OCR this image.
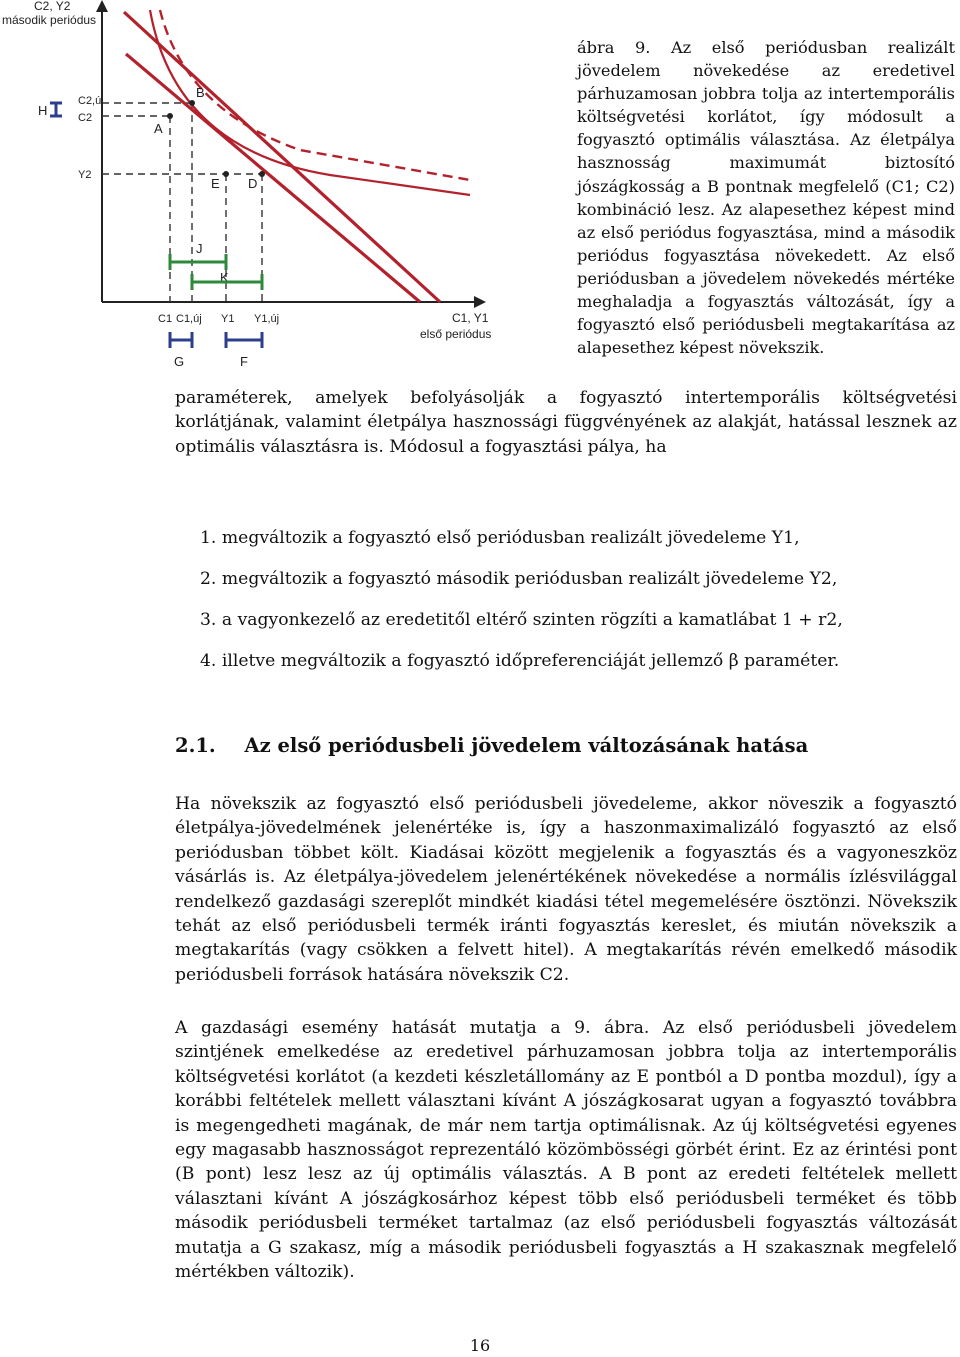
A
B
E D
J
K
G	F
H
C2,új
C2
Y2
C1 C1,új Y1 Y1,új
C2, Y2
második periódus
C1, Y1
első periódus
ábra 9. Az első periódusban realizált jövedelem növekedése az eredetivel párhuzamosan jobbra tolja az intertemporális költségvetési korlátot, így módosult a fogyasztó optimális választása. Az életpálya hasznosság maximumát biztosító jószágkosság a B pontnak megfelelő (C1; C2) kombináció lesz. Az alapesethez képest mind az első periódus fogyasztása, mind a második periódus fogyasztása növekedett. Az első periódusban a jövedelem növekedés mértéke meghaladja a fogyasztás változását, így a fogyasztó első periódusbeli megtakarítása az alapesethez képest növekszik.
paraméterek, amelyek befolyásolják a fogyasztó intertemporális költségvetési korlátjának, valamint életpálya hasznossági függvényének az alakját, hatással lesznek az optimális választásra is. Módosul a fogyasztási pálya, ha
1. megváltozik a fogyasztó első periódusban realizált jövedeleme Y1,
2. megváltozik a fogyasztó második periódusban realizált jövedeleme Y2,
3. a vagyonkezelő az eredetitől eltérő szinten rögzíti a kamatlábat 1 + r2,
4. illetve megváltozik a fogyasztó időpreferenciáját jellemző β paraméter.
2.1. Az első periódusbeli jövedelem változásának hatása
Ha növekszik az fogyasztó első periódusbeli jövedeleme, akkor növeszik a fogyasztó életpálya-jövedelmének jelenértéke is, így a haszonmaximalizáló fogyasztó az első periódusban többet költ. Kiadásai között megjelenik a fogyasztás és a vagyoneszköz vásárlás is. Az életpálya-jövedelem jelenértékének növekedése a normális ízlésvilággal rendelkező gazdasági szereplőt mindkét kiadási tétel megemelésére ösztönzi. Növekszik tehát az első periódusbeli termék iránti fogyasztás kereslet, és miután növekszik a megtakarítás (vagy csökken a felvett hitel). A megtakarítás révén emelkedő második periódusbeli források hatására növekszik C2.
A gazdasági esemény hatását mutatja a 9. ábra. Az első periódusbeli jövedelem szintjének emelkedése az eredetivel párhuzamosan jobbra tolja az intertemporális költségvetési korlátot (a kezdeti készletállomány az E pontból a D pontba mozdul), így a korábbi feltételek mellett választani kívánt A jószágkosarat ugyan a fogyasztó továbbra is megengedheti magának, de már nem tartja optimálisnak. Az új költségvetési egyenes egy magasabb hasznosságot reprezentáló közömbösségi görbét érint. Ez az érintési pont (B pont) lesz lesz az új optimális választás. A B pont az eredeti feltételek mellett választani kívánt A jószágkosárhoz képest több első periódusbeli terméket és több második periódusbeli terméket tartalmaz (az első periódusbeli fogyasztás változását mutatja a G szakasz, míg a második periódusbeli fogyasztás a H szakasznak megfelelő mértékben változik).
16
